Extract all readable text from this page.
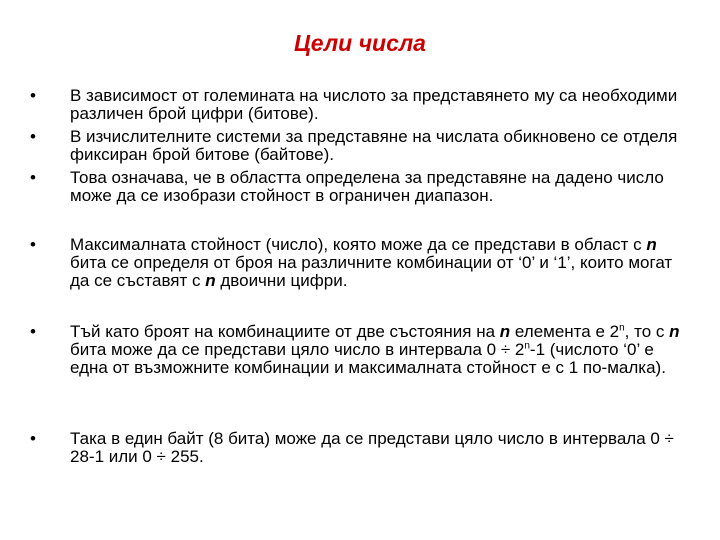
Цели числа
•	В зависимост от големината на числото за представянето му са необходими различен брой цифри (битове).
•	В изчислителните системи за представяне на числата обикновено се отделя фиксиран брой битове (байтове).
•	Това означава, че в областта определена за представяне на дадено число може да се изобрази стойност в ограничен диапазон.
•	Максималната стойност (число), която може да се представи в област с n бита се определя от броя на различните комбинации от ‘0’ и ‘1’, които могат да се съставят с n двоични цифри.
•	Тъй като броят на комбинациите от две състояния на n елемента е 2$^n$, то с n бита може да се представи цяло число в интервала $0 \div 2^n-1$ (числото ‘0’ е една от възможните комбинации и максималната стойност е с 1 по-малка).
•	Така в един байт (8 бита) може да се представи цяло число в интервала 0 ÷ 28-1 или 0 ÷ 255.
